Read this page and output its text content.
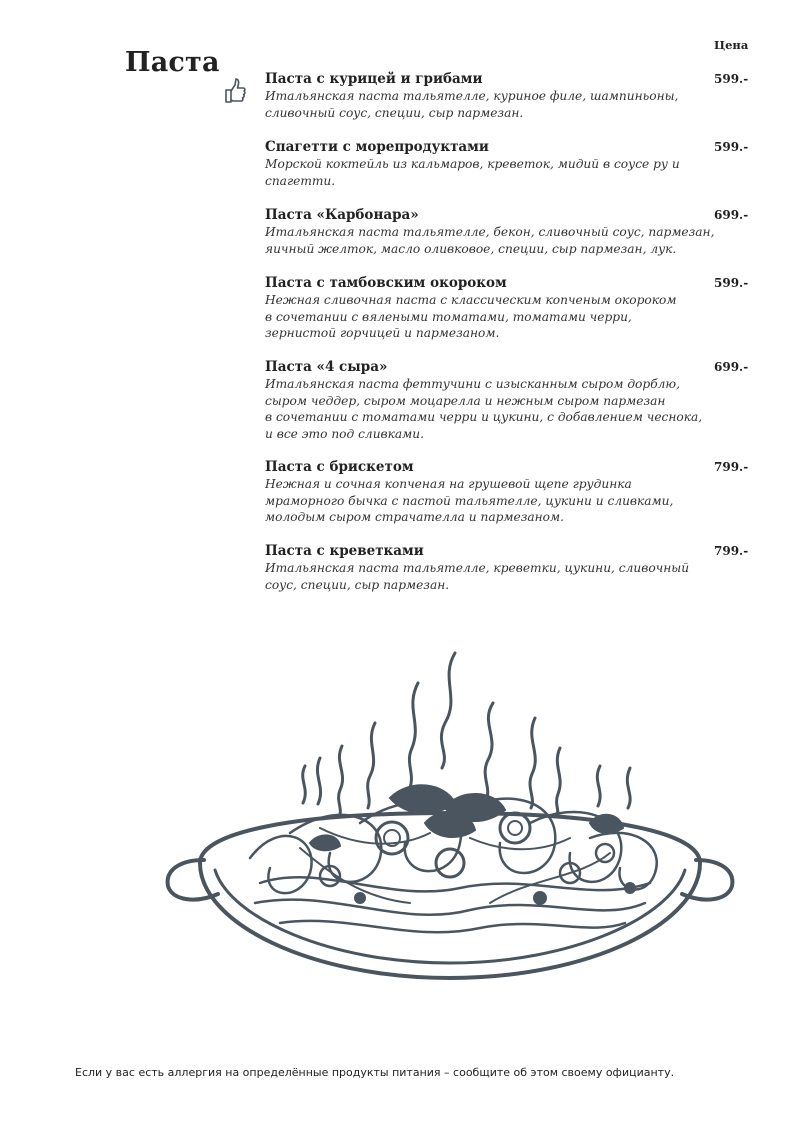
Паста
Цена
Паста с курицей и грибами	599.-
Итальянская паста тальятелле, куриное филе, шампиньоны,
сливочный соус, специи, сыр пармезан.
Спагетти с морепродуктами	599.-
Морской коктейль из кальмаров, креветок, мидий в соусе ру и
спагетти.
Паста «Карбонара»	699.-
Итальянская паста тальятелле, бекон, сливочный соус, пармезан,
яичный желток, масло оливковое, специи, сыр пармезан, лук.
Паста с тамбовским окороком	599.-
Нежная сливочная паста с классическим копченым окороком
в сочетании с вялеными томатами, томатами черри,
зернистой горчицей и пармезаном.
Паста «4 сыра»	699.-
Итальянская паста феттучини с изысканным сыром дорблю,
сыром чеддер, сыром моцарелла и нежным сыром пармезан
в сочетании с томатами черри и цукини, с добавлением чеснока,
и все это под сливками.
Паста с брискетом	799.-
Нежная и сочная копченая на грушевой щепе грудинка
мраморного бычка с пастой тальятелле, цукини и сливками,
молодым сыром страчателла и пармезаном.
Паста с креветками	799.-
Итальянская паста тальятелле, креветки, цукини, сливочный
соус, специи, сыр пармезан.
Если у вас есть аллергия на определённые продукты питания – сообщите об этом своему официанту.
